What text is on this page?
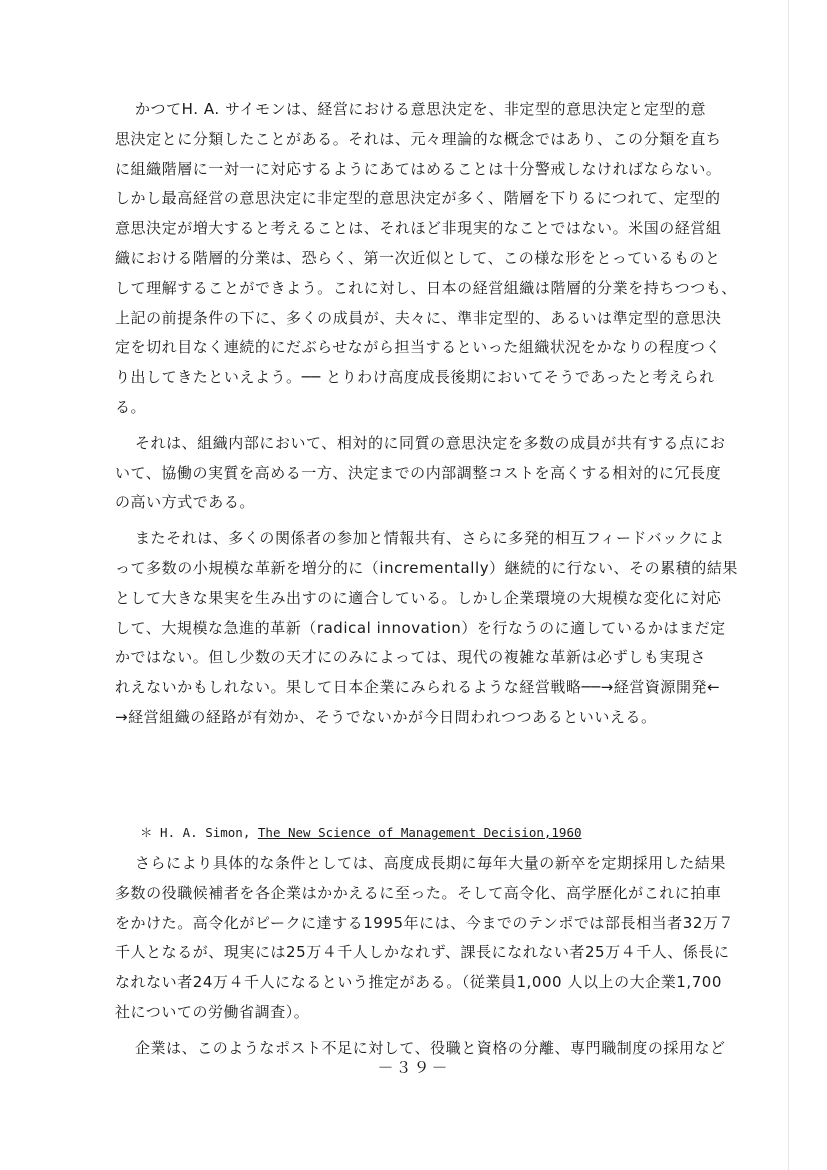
かつてH. A. サイモンは、経営における意思決定を、非定型的意思決定と定型的意
思決定とに分類したことがある。それは、元々理論的な概念ではあり、この分類を直ち
に組織階層に一対一に対応するようにあてはめることは十分警戒しなければならない。
しかし最高経営の意思決定に非定型的意思決定が多く、階層を下りるにつれて、定型的
意思決定が増大すると考えることは、それほど非現実的なことではない。米国の経営組
織における階層的分業は、恐らく、第一次近似として、この様な形をとっているものと
して理解することができよう。これに対し、日本の経営組織は階層的分業を持ちつつも、
上記の前提条件の下に、多くの成員が、夫々に、準非定型的、あるいは準定型的意思決
定を切れ目なく連続的にだぶらせながら担当するといった組織状況をかなりの程度つく
り出してきたといえよう。── とりわけ高度成長後期においてそうであったと考えられ
る。
それは、組織内部において、相対的に同質の意思決定を多数の成員が共有する点にお
いて、協働の実質を高める一方、決定までの内部調整コストを高くする相対的に冗長度
の高い方式である。
またそれは、多くの関係者の参加と情報共有、さらに多発的相互フィードバックによ
って多数の小規模な革新を増分的に（incrementally）継続的に行ない、その累積的結果
として大きな果実を生み出すのに適合している。しかし企業環境の大規模な変化に対応
して、大規模な急進的革新（radical innovation）を行なうのに適しているかはまだ定
かではない。但し少数の天才にのみによっては、現代の複雑な革新は必ずしも実現さ
れえないかもしれない。果して日本企業にみられるような経営戦略──→経営資源開発←
→経営組織の経路が有効か、そうでないかが今日問われつつあるといいえる。
＊ H. A. Simon, The New Science of Management Decision,1960
さらにより具体的な条件としては、高度成長期に毎年大量の新卒を定期採用した結果
多数の役職候補者を各企業はかかえるに至った。そして高令化、高学歴化がこれに拍車
をかけた。高令化がピークに達する1995年には、今までのテンポでは部長相当者32万７
千人となるが、現実には25万４千人しかなれず、課長になれない者25万４千人、係長に
なれない者24万４千人になるという推定がある。（従業員1,000 人以上の大企業1,700
社についての労働省調査）。
企業は、このようなポスト不足に対して、役職と資格の分離、専門職制度の採用など
－３９－
